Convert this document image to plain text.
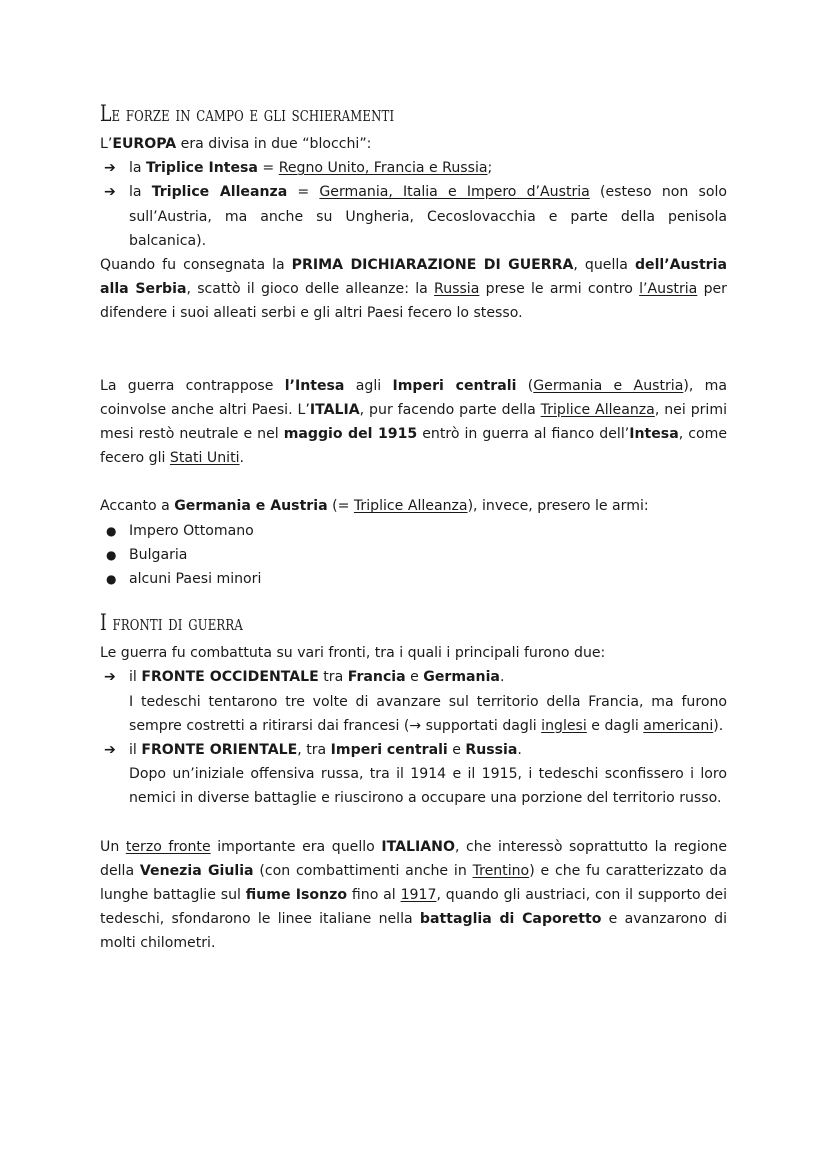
Le forze in campo e gli schieramenti

L’EUROPA era divisa in due “blocchi”:

➔ la Triplice Intesa = Regno Unito, Francia e Russia;
➔ la Triplice Alleanza = Germania, Italia e Impero d’Austria (esteso non solo sull’Austria, ma anche su Ungheria, Cecoslovacchia e parte della penisola balcanica).

Quando fu consegnata la PRIMA DICHIARAZIONE DI GUERRA, quella dell’Austria alla Serbia, scattò il gioco delle alleanze: la Russia prese le armi contro l’Austria per difendere i suoi alleati serbi e gli altri Paesi fecero lo stesso.

La guerra contrappose l’Intesa agli Imperi centrali (Germania e Austria), ma coinvolse anche altri Paesi. L’ITALIA, pur facendo parte della Triplice Alleanza, nei primi mesi restò neutrale e nel maggio del 1915 entrò in guerra al fianco dell’Intesa, come fecero gli Stati Uniti.

Accanto a Germania e Austria (= Triplice Alleanza), invece, presero le armi:

● Impero Ottomano
● Bulgaria
● alcuni Paesi minori
I fronti di guerra

Le guerra fu combattuta su vari fronti, tra i quali i principali furono due:

➔ il FRONTE OCCIDENTALE tra Francia e Germania.
I tedeschi tentarono tre volte di avanzare sul territorio della Francia, ma furono sempre costretti a ritirarsi dai francesi (→ supportati dagli inglesi e dagli americani).
➔ il FRONTE ORIENTALE, tra Imperi centrali e Russia.
Dopo un’iniziale offensiva russa, tra il 1914 e il 1915, i tedeschi sconfissero i loro nemici in diverse battaglie e riuscirono a occupare una porzione del territorio russo.

Un terzo fronte importante era quello ITALIANO, che interessò soprattutto la regione della Venezia Giulia (con combattimenti anche in Trentino) e che fu caratterizzato da lunghe battaglie sul fiume Isonzo fino al 1917, quando gli austriaci, con il supporto dei tedeschi, sfondarono le linee italiane nella battaglia di Caporetto e avanzarono di molti chilometri.
